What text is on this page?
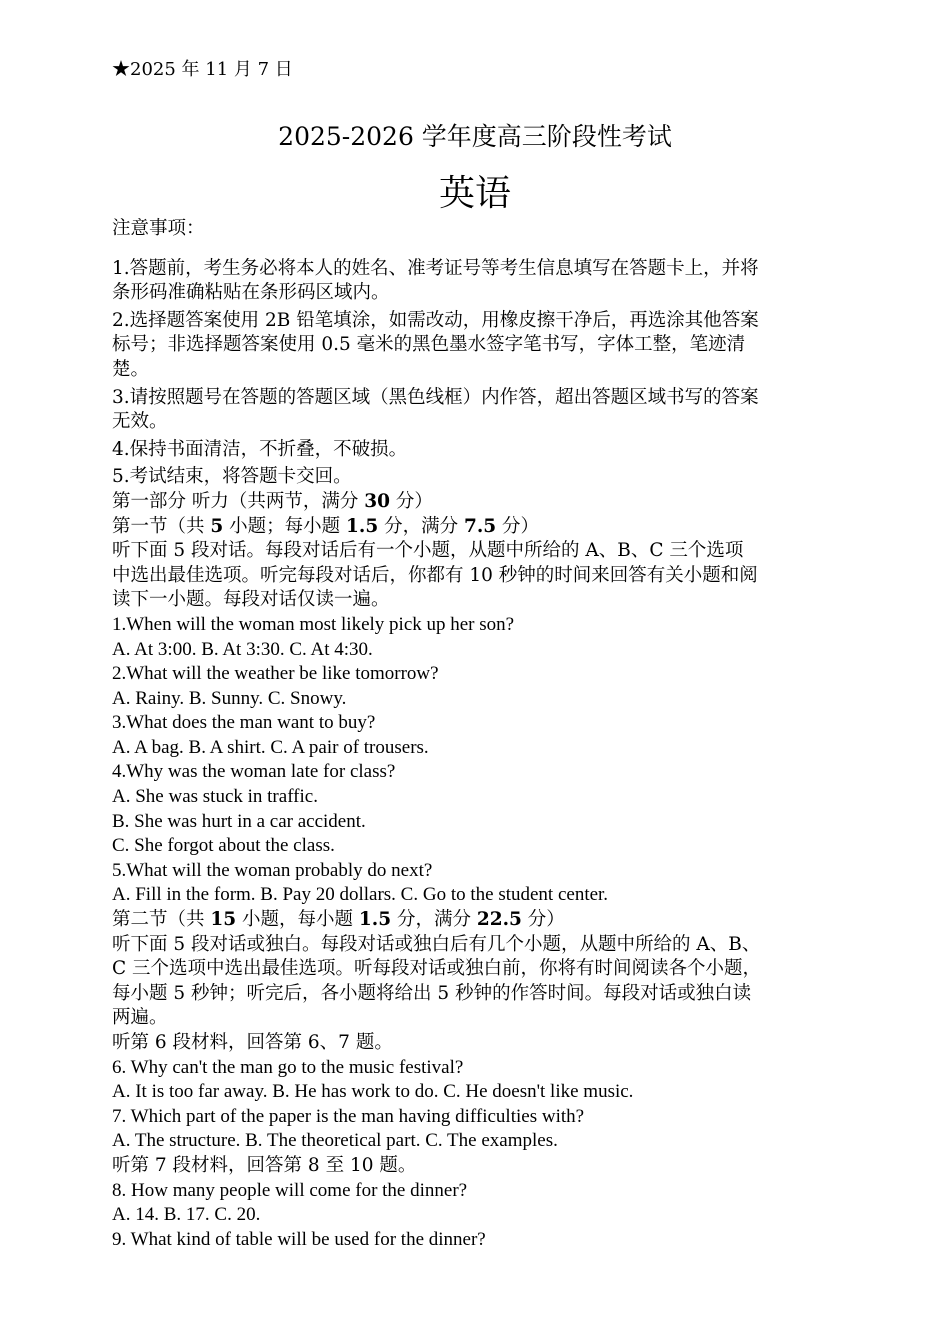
★2025 年 11 月 7 日
2025-2026 学年度高三阶段性考试
英语
注意事项：
1.答题前，考生务必将本人的姓名、准考证号等考生信息填写在答题卡上，并将
条形码准确粘贴在条形码区域内。
2.选择题答案使用 2B 铅笔填涂，如需改动，用橡皮擦干净后，再选涂其他答案
标号；非选择题答案使用 0.5 毫米的黑色墨水签字笔书写，字体工整，笔迹清
楚。
3.请按照题号在答题的答题区域（黑色线框）内作答，超出答题区域书写的答案
无效。
4.保持书面清洁，不折叠，不破损。
5.考试结束，将答题卡交回。
第一部分 听力（共两节，满分 30 分）
第一节（共 5 小题；每小题 1.5 分，满分 7.5 分）
听下面 5 段对话。每段对话后有一个小题，从题中所给的 A、B、C 三个选项
中选出最佳选项。听完每段对话后，你都有 10 秒钟的时间来回答有关小题和阅
读下一小题。每段对话仅读一遍。
1.When will the woman most likely pick up her son?
A. At 3:00. B. At 3:30. C. At 4:30.
2.What will the weather be like tomorrow?
A. Rainy. B. Sunny. C. Snowy.
3.What does the man want to buy?
A. A bag. B. A shirt. C. A pair of trousers.
4.Why was the woman late for class?
A. She was stuck in traffic.
B. She was hurt in a car accident.
C. She forgot about the class.
5.What will the woman probably do next?
A. Fill in the form. B. Pay 20 dollars. C. Go to the student center.
第二节（共 15 小题，每小题 1.5 分，满分 22.5 分）
听下面 5 段对话或独白。每段对话或独白后有几个小题，从题中所给的 A、B、
C 三个选项中选出最佳选项。听每段对话或独白前，你将有时间阅读各个小题，
每小题 5 秒钟；听完后，各小题将给出 5 秒钟的作答时间。每段对话或独白读
两遍。
听第 6 段材料，回答第 6、7 题。
6. Why can't the man go to the music festival?
A. It is too far away. B. He has work to do. C. He doesn't like music.
7. Which part of the paper is the man having difficulties with?
A. The structure. B. The theoretical part. C. The examples.
听第 7 段材料，回答第 8 至 10 题。
8. How many people will come for the dinner?
A. 14. B. 17. C. 20.
9. What kind of table will be used for the dinner?
